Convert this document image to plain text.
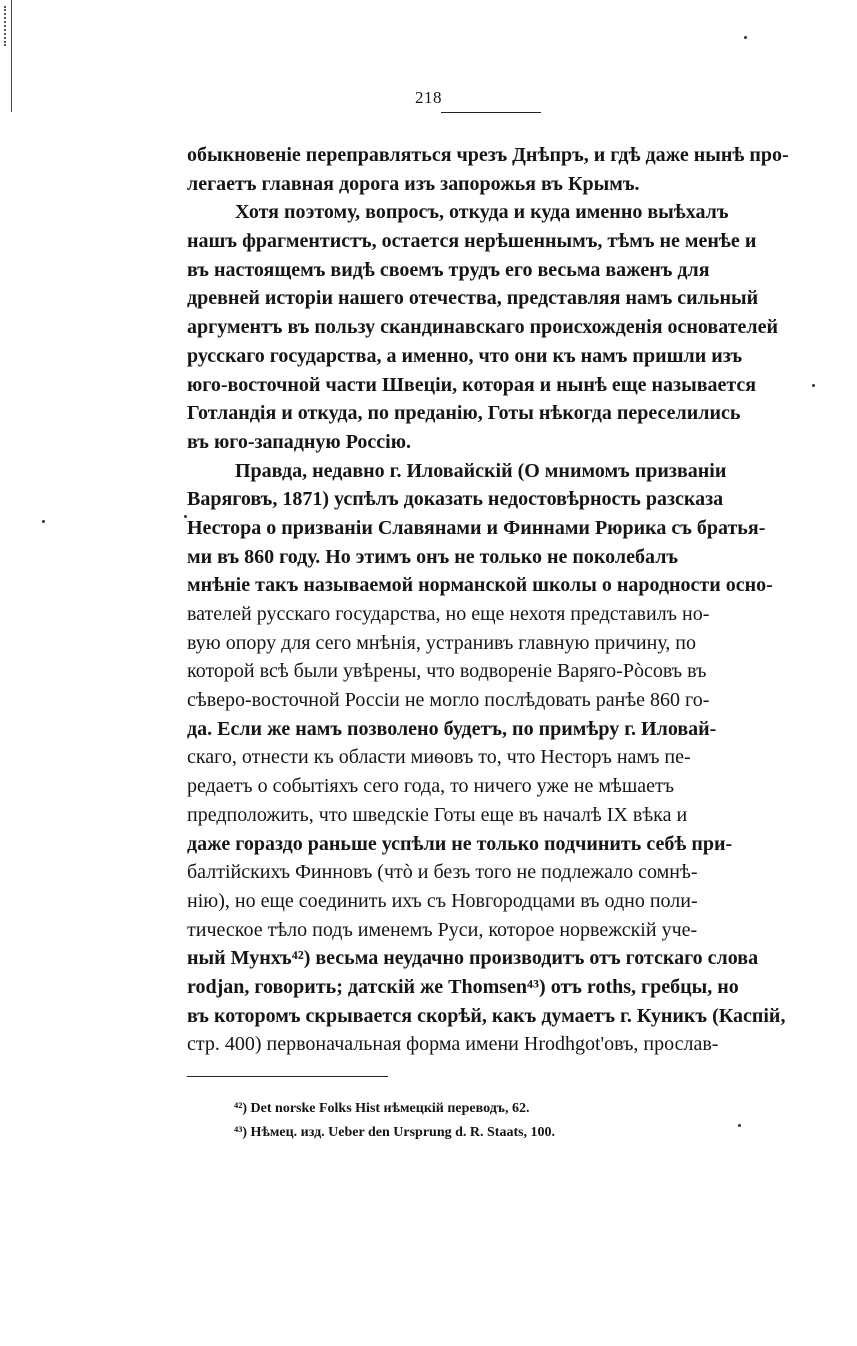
218
обыкновенiе переправляться чрезъ Днѣпръ, и гдѣ даже нынѣ про-
легаетъ главная дорога изъ запорожья въ Крымъ.
Хотя поэтому, вопросъ, откуда и куда именно выѣхалъ
нашъ фрагментистъ, остается нерѣшеннымъ, тѣмъ не менѣе и
въ настоящемъ видѣ своемъ трудъ его весьма важенъ для
древней исторiи нашего отечества, представляя намъ сильный
аргументъ въ пользу скандинавскаго происхожденiя основателей
русскаго государства, а именно, что они къ намъ пришли изъ
юго-восточной части Швецiи, которая и нынѣ еще называется
Готландiя и откуда, по преданiю, Готы нѣкогда переселились
въ юго-западную Россiю.
Правда, недавно г. Иловайскiй (О мнимомъ призванiи
Варяговъ, 1871) успѣлъ доказать недостовѣрность разсказа
Нестора о призванiи Славянами и Финнами Рюрика съ братья-
ми въ 860 году. Но этимъ онъ не только не поколебалъ
мнѣнiе такъ называемой норманской школы о народности осно-
вателей русскаго государства, но еще нехотя представилъ но-
вую опору для сего мнѣнiя, устранивъ главную причину, по
которой всѣ были увѣрены, что водворенiе Варяго-Рòсовъ въ
сѣверо-восточной Россiи не могло послѣдовать ранѣе 860 го-
да. Если же намъ позволено будетъ, по примѣру г. Иловай-
скаго, отнести къ области миѳовъ то, что Несторъ намъ пе-
редаетъ о событiяхъ сего года, то ничего уже не мѣшаетъ
предположить, что шведскiе Готы еще въ началѣ IX вѣка и
даже гораздо раньше успѣли не только подчинить себѣ при-
балтiйскихъ Финновъ (чтò и безъ того не подлежало сомнѣ-
нiю), но еще соединить ихъ съ Новгородцами въ одно поли-
тическое тѣло подъ именемъ Руси, которое норвежскiй уче-
ный Мунхъ⁴²) весьма неудачно производитъ отъ готскаго слова
rodjan, говорить; датскiй же Thomsen⁴³) отъ roths, гребцы, но
въ которомъ скрывается скорѣй, какъ думаетъ г. Куникъ (Каспiй,
стр. 400) первоначальная форма имени Hrodhgot'овъ, прослав-
⁴²) Det norske Folks Hist нѣмецкiй переводъ, 62.
⁴³) Нѣмец. изд. Ueber den Ursprung d. R. Staats, 100.
